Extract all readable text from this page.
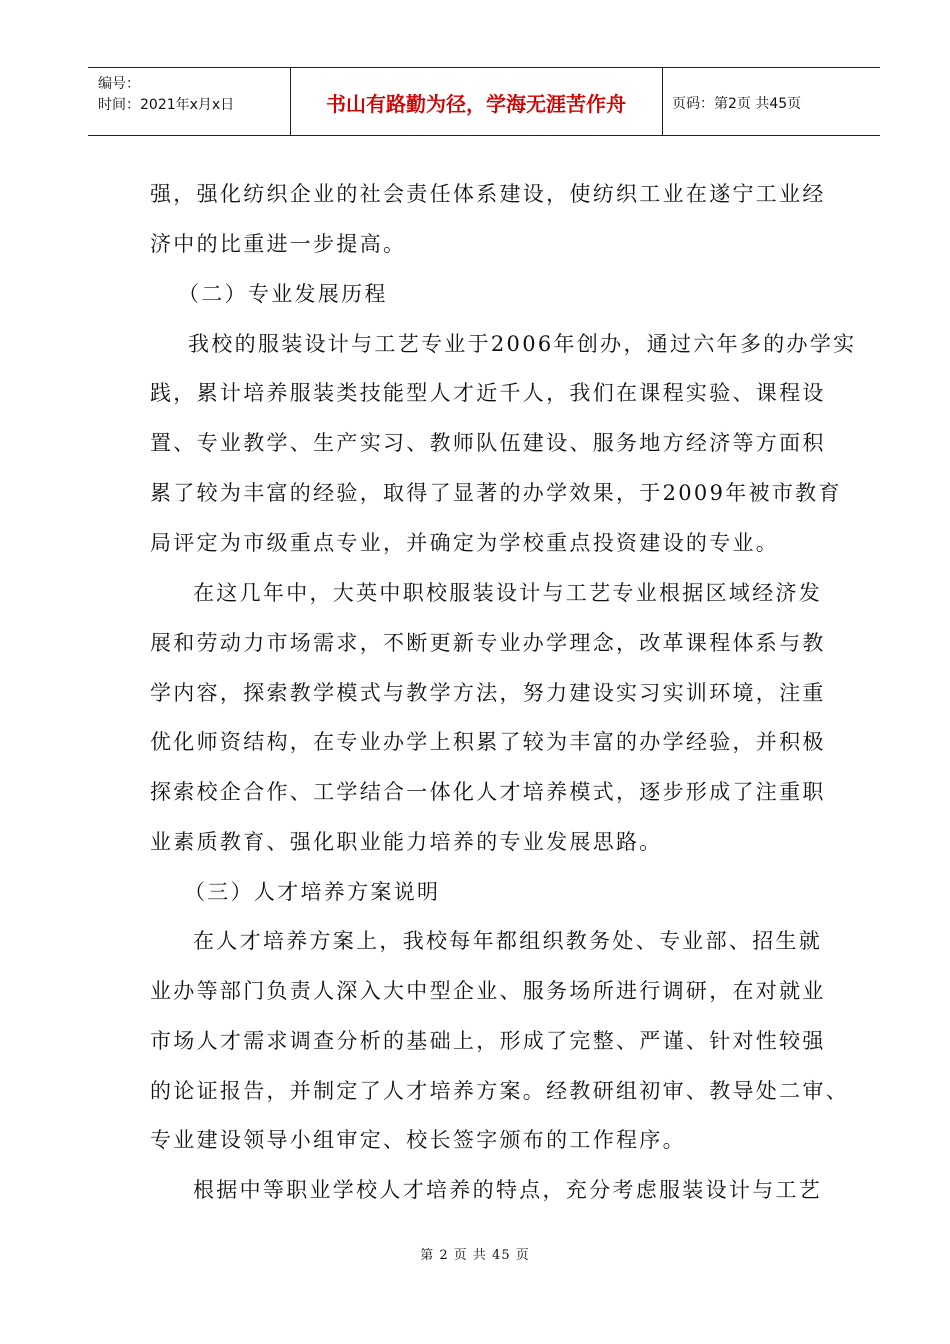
编号：
时间：2021年x月x日	书山有路勤为径，学海无涯苦作舟	页码：第2页 共45页
强，强化纺织企业的社会责任体系建设，使纺织工业在遂宁工业经
济中的比重进一步提高。
（二）专业发展历程
我校的服装设计与工艺专业于2006年创办，通过六年多的办学实
践，累计培养服装类技能型人才近千人，我们在课程实验、课程设
置、专业教学、生产实习、教师队伍建设、服务地方经济等方面积
累了较为丰富的经验，取得了显著的办学效果，于2009年被市教育
局评定为市级重点专业，并确定为学校重点投资建设的专业。
在这几年中，大英中职校服装设计与工艺专业根据区域经济发
展和劳动力市场需求，不断更新专业办学理念，改革课程体系与教
学内容，探索教学模式与教学方法，努力建设实习实训环境，注重
优化师资结构，在专业办学上积累了较为丰富的办学经验，并积极
探索校企合作、工学结合一体化人才培养模式，逐步形成了注重职
业素质教育、强化职业能力培养的专业发展思路。
（三）人才培养方案说明
在人才培养方案上，我校每年都组织教务处、专业部、招生就
业办等部门负责人深入大中型企业、服务场所进行调研，在对就业
市场人才需求调查分析的基础上，形成了完整、严谨、针对性较强
的论证报告，并制定了人才培养方案。经教研组初审、教导处二审、
专业建设领导小组审定、校长签字颁布的工作程序。
根据中等职业学校人才培养的特点，充分考虑服装设计与工艺
第 2 页 共 45 页
